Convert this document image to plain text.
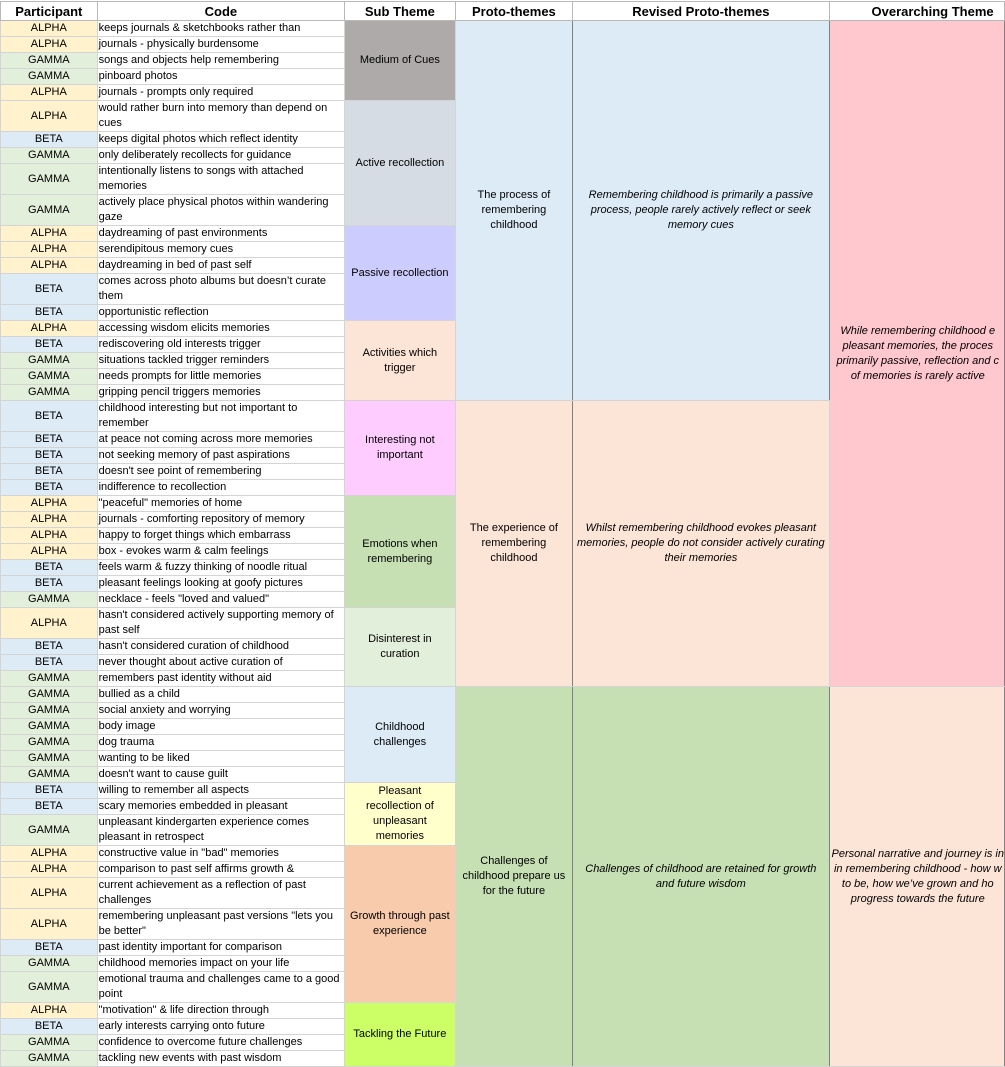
Participant	Code	Sub Theme	Proto-themes	Revised Proto-themes	Overarching Theme
ALPHA	keeps journals & sketchbooks rather than	Medium of Cues	The process of remembering childhood	Remembering childhood is primarily a passive process, people rarely actively reflect or seek memory cues	While remembering childhood e
pleasant memories, the proces
primarily passive, reflection and c
of memories is rarely active

ALPHA	journals - physically burdensome				
GAMMA	songs and objects help remembering				
GAMMA	pinboard photos				
ALPHA	journals - prompts only required				
ALPHA	would rather burn into memory than depend on cues	Active recollection			
BETA	keeps digital photos which reflect identity				
GAMMA	only deliberately recollects for guidance				
GAMMA	intentionally listens to songs with attached memories				
GAMMA	actively place physical photos within wandering gaze				
ALPHA	daydreaming of past environments	Passive recollection			
ALPHA	serendipitous memory cues				
ALPHA	daydreaming in bed of past self				
BETA	comes across photo albums but doesn’t curate them				
BETA	opportunistic reflection				
ALPHA	accessing wisdom elicits memories	Activities which trigger			
BETA	rediscovering old interests trigger				
GAMMA	situations tackled trigger reminders				
GAMMA	needs prompts for little memories				
GAMMA	gripping pencil triggers memories				
BETA	childhood interesting but not important to remember	Interesting not important	The experience of remembering childhood	Whilst remembering childhood evokes pleasant memories, people do not consider actively curating their memories	
BETA	at peace not coming across more memories				
BETA	not seeking memory of past aspirations				
BETA	doesn't see point of remembering				
BETA	indifference to recollection				
ALPHA	"peaceful" memories of home	Emotions when remembering			
ALPHA	journals - comforting repository of memory				
ALPHA	happy to forget things which embarrass				
ALPHA	box - evokes warm & calm feelings				
BETA	feels warm & fuzzy thinking of noodle ritual				
BETA	pleasant feelings looking at goofy pictures				
GAMMA	necklace - feels "loved and valued"				
ALPHA	hasn't considered actively supporting memory of past self	Disinterest in curation			
BETA	hasn't considered curation of childhood				
BETA	never thought about active curation of				
GAMMA	remembers past identity without aid				
GAMMA	bullied as a child	Childhood challenges	Challenges of childhood prepare us for the future	Challenges of childhood are retained for growth and future wisdom	Personal narrative and journey is in
in remembering childhood - how w
to be, how we’ve grown and ho
progress towards the future

GAMMA	social anxiety and worrying				
GAMMA	body image				
GAMMA	dog trauma				
GAMMA	wanting to be liked				
GAMMA	doesn't want to cause guilt				
BETA	willing to remember all aspects	Pleasant recollection of unpleasant memories			
BETA	scary memories embedded in pleasant				
GAMMA	unpleasant kindergarten experience comes pleasant in retrospect				
ALPHA	constructive value in "bad" memories	Growth through past experience			
ALPHA	comparison to past self affirms growth &				
ALPHA	current achievement as a reflection of past challenges				
ALPHA	remembering unpleasant past versions "lets you be better"				
BETA	past identity important for comparison				
GAMMA	childhood memories impact on your life				
GAMMA	emotional trauma and challenges came to a good point				
ALPHA	"motivation" & life direction through	Tackling the Future			
BETA	early interests carrying onto future				
GAMMA	confidence to overcome future challenges				
GAMMA	tackling new events with past wisdom				
